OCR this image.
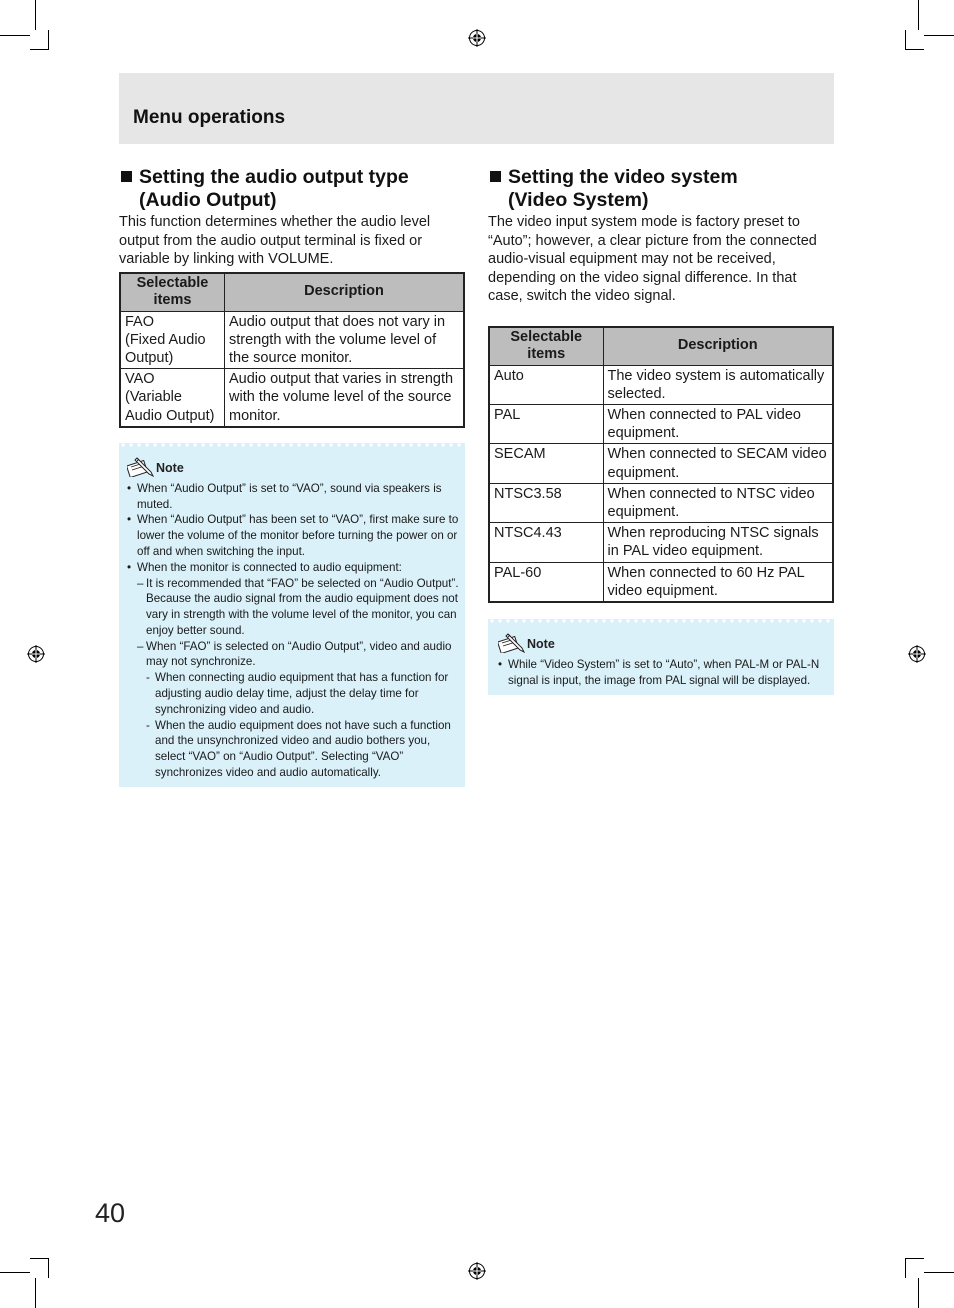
Menu operations
Setting the audio output type
(Audio Output)

This function determines whether the audio level output from the audio output terminal is fixed or variable by linking with VOLUME.

Selectable items	Description
FAO
(Fixed Audio Output)	Audio output that does not vary in strength with the volume level of the source monitor.
VAO
(Variable Audio Output)	Audio output that varies in strength with the volume level of the source monitor.
Note
• When “Audio Output” is set to “VAO”, sound via speakers is muted.
• When “Audio Output” has been set to “VAO”, first make sure to lower the volume of the monitor before turning the power on or off and when switching the input.
• When the monitor is connected to audio equipment:
– It is recommended that “FAO” be selected on “Audio Output”. Because the audio signal from the audio equipment does not vary in strength with the volume level of the monitor, you can enjoy better sound.
– When “FAO” is selected on “Audio Output”, video and audio may not synchronize.
- When connecting audio equipment that has a function for adjusting audio delay time, adjust the delay time for synchronizing video and audio.
- When the audio equipment does not have such a function and the unsynchronized video and audio bothers you, select “VAO” on “Audio Output”. Selecting “VAO” synchronizes video and audio automatically.
Setting the video system
(Video System)

The video input system mode is factory preset to “Auto”; however, a clear picture from the connected audio-visual equipment may not be received, depending on the video signal difference. In that case, switch the video signal.

Selectable items	Description
Auto	The video system is automatically selected.
PAL	When connected to PAL video equipment.
SECAM	When connected to SECAM video equipment.
NTSC3.58	When connected to NTSC video equipment.
NTSC4.43	When reproducing NTSC signals in PAL video equipment.
PAL-60	When connected to 60 Hz PAL video equipment.
Note
• While “Video System” is set to “Auto”, when PAL-M or PAL-N signal is input, the image from PAL signal will be displayed.
40
